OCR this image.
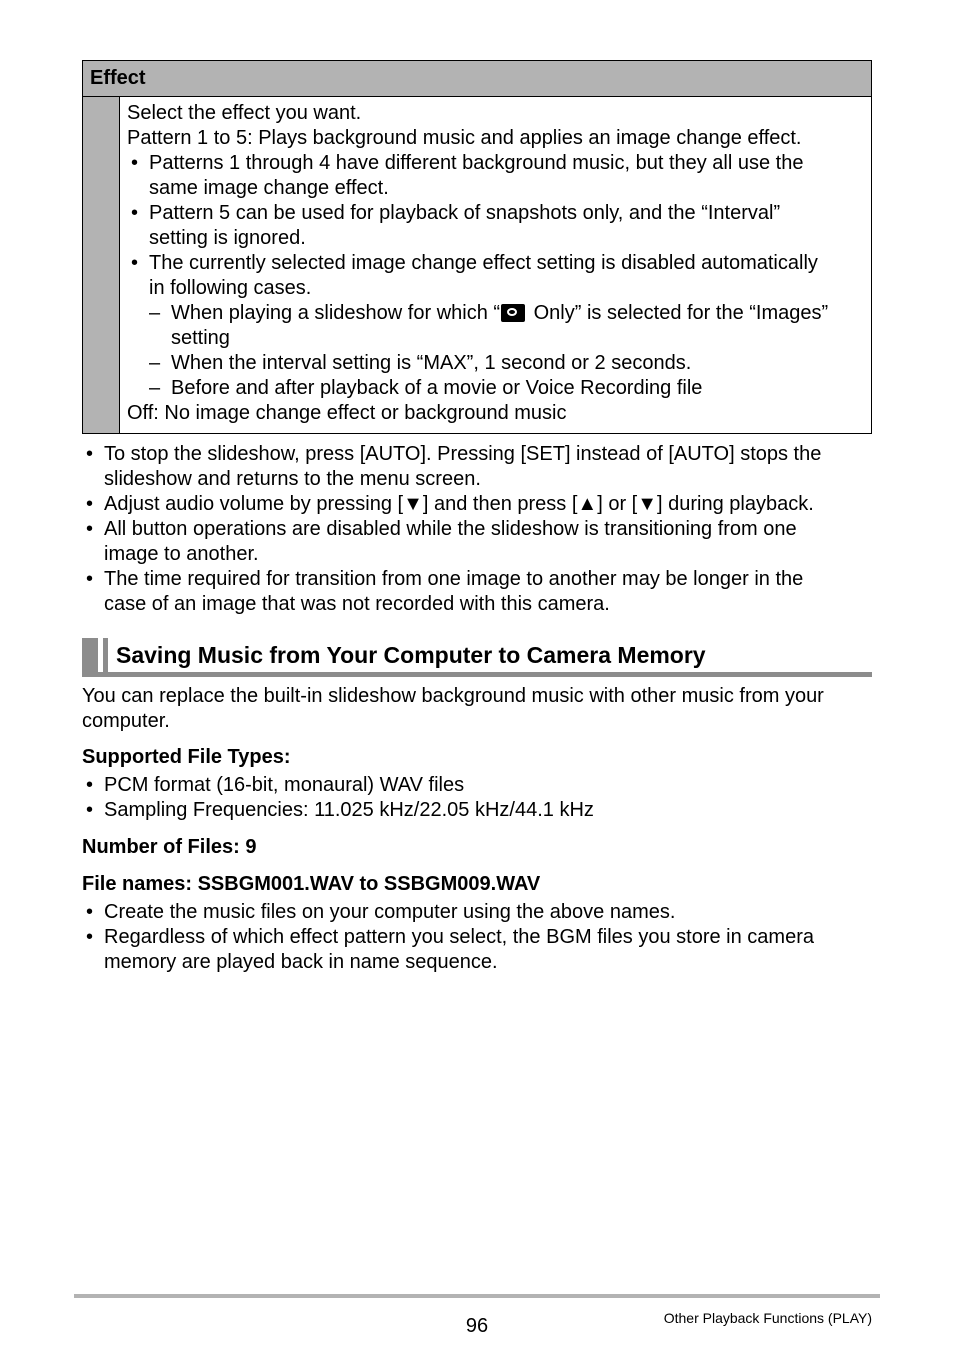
Effect
Select the effect you want.
Pattern 1 to 5: Plays background music and applies an image change effect.
• Patterns 1 through 4 have different background music, but they all use the
same image change effect.
• Pattern 5 can be used for playback of snapshots only, and the “Interval”
setting is ignored.
• The currently selected image change effect setting is disabled automatically
in following cases.
– When playing a slideshow for which “ Only” is selected for the “Images”
setting
– When the interval setting is “MAX”, 1 second or 2 seconds.
– Before and after playback of a movie or Voice Recording file
Off: No image change effect or background music
• To stop the slideshow, press [AUTO]. Pressing [SET] instead of [AUTO] stops the
slideshow and returns to the menu screen.
• Adjust audio volume by pressing [▼] and then press [▲] or [▼] during playback.
• All button operations are disabled while the slideshow is transitioning from one
image to another.
• The time required for transition from one image to another may be longer in the
case of an image that was not recorded with this camera.
Saving Music from Your Computer to Camera Memory
You can replace the built-in slideshow background music with other music from your
computer.
Supported File Types:
• PCM format (16-bit, monaural) WAV files
• Sampling Frequencies: 11.025 kHz/22.05 kHz/44.1 kHz
Number of Files: 9
File names: SSBGM001.WAV to SSBGM009.WAV
• Create the music files on your computer using the above names.
• Regardless of which effect pattern you select, the BGM files you store in camera
memory are played back in name sequence.
96	Other Playback Functions (PLAY)
